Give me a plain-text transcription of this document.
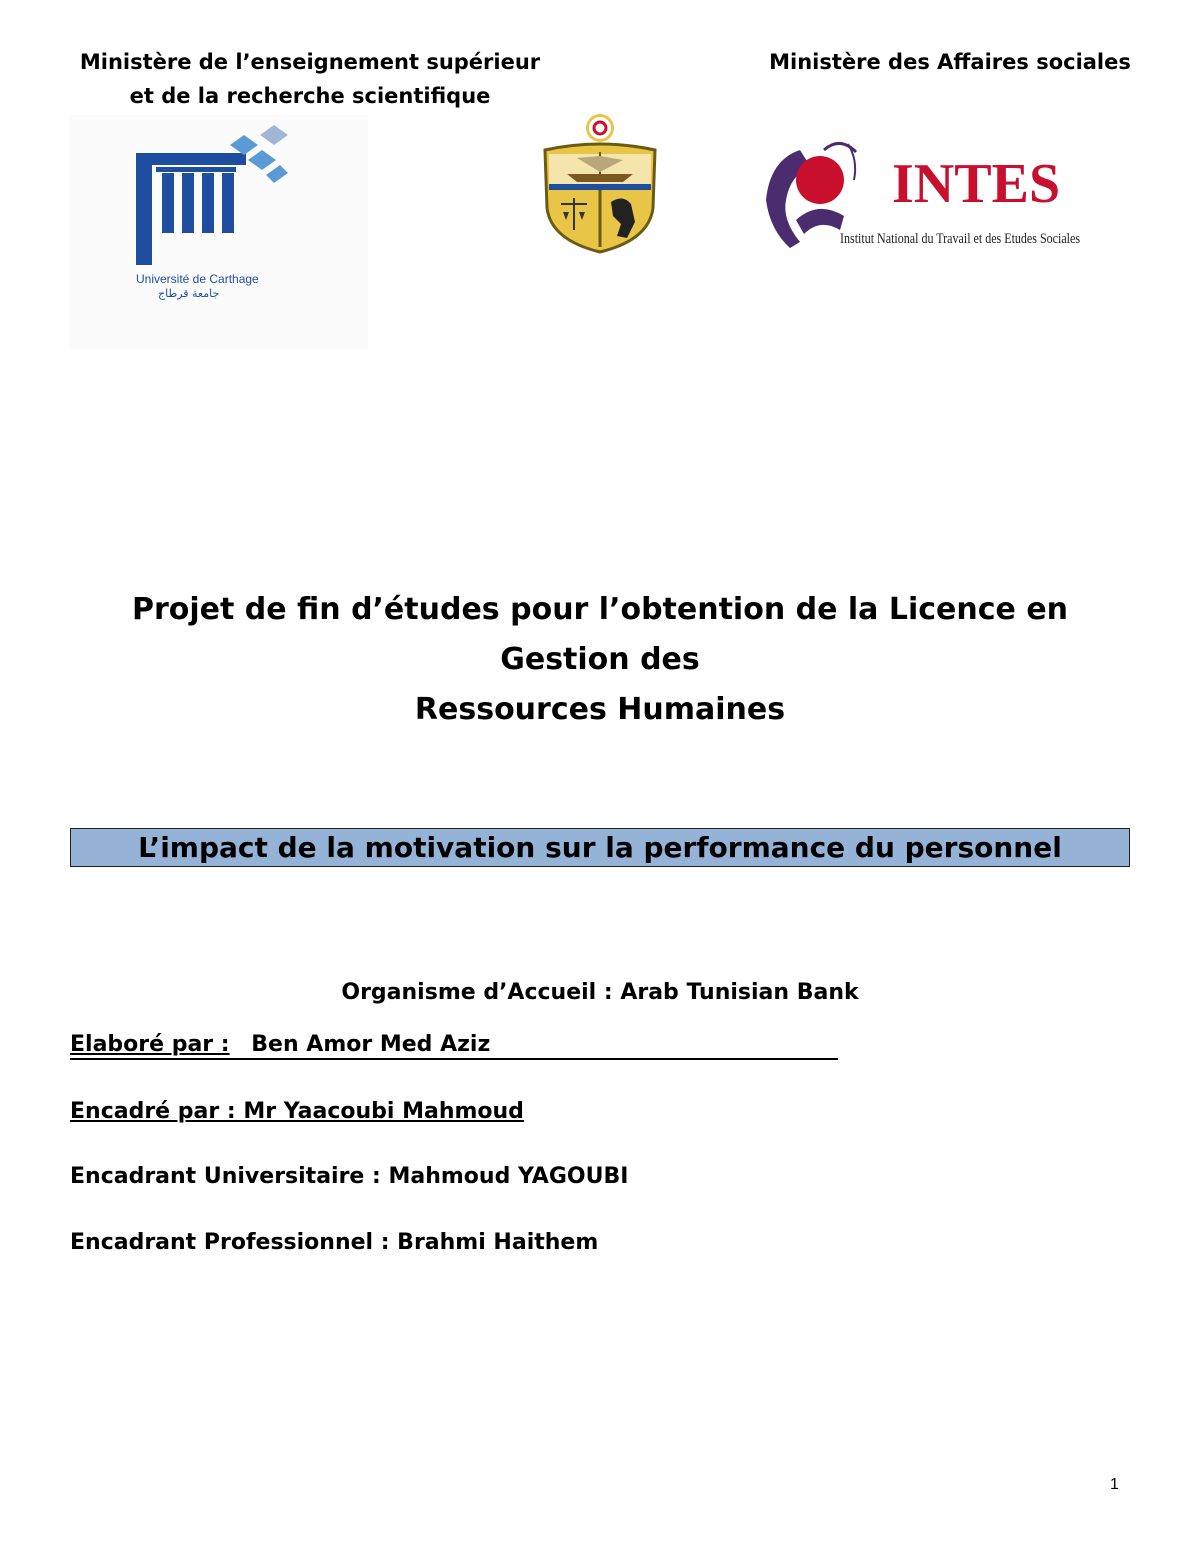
Ministère de l’enseignement supérieur
et de la recherche scientifique
Ministère des Affaires sociales
Université de Carthage
جامعة قرطاج
INTES
Institut National du Travail et des Etudes Sociales
Projet de fin d’études pour l’obtention de la Licence en Gestion des
Ressources Humaines
L’impact de la motivation sur la performance du personnel
Organisme d’Accueil : Arab Tunisian Bank
Elaboré par : Ben Amor Med Aziz
Encadré par : Mr Yaacoubi Mahmoud
Encadrant Universitaire : Mahmoud YAGOUBI
Encadrant Professionnel : Brahmi Haithem
1
